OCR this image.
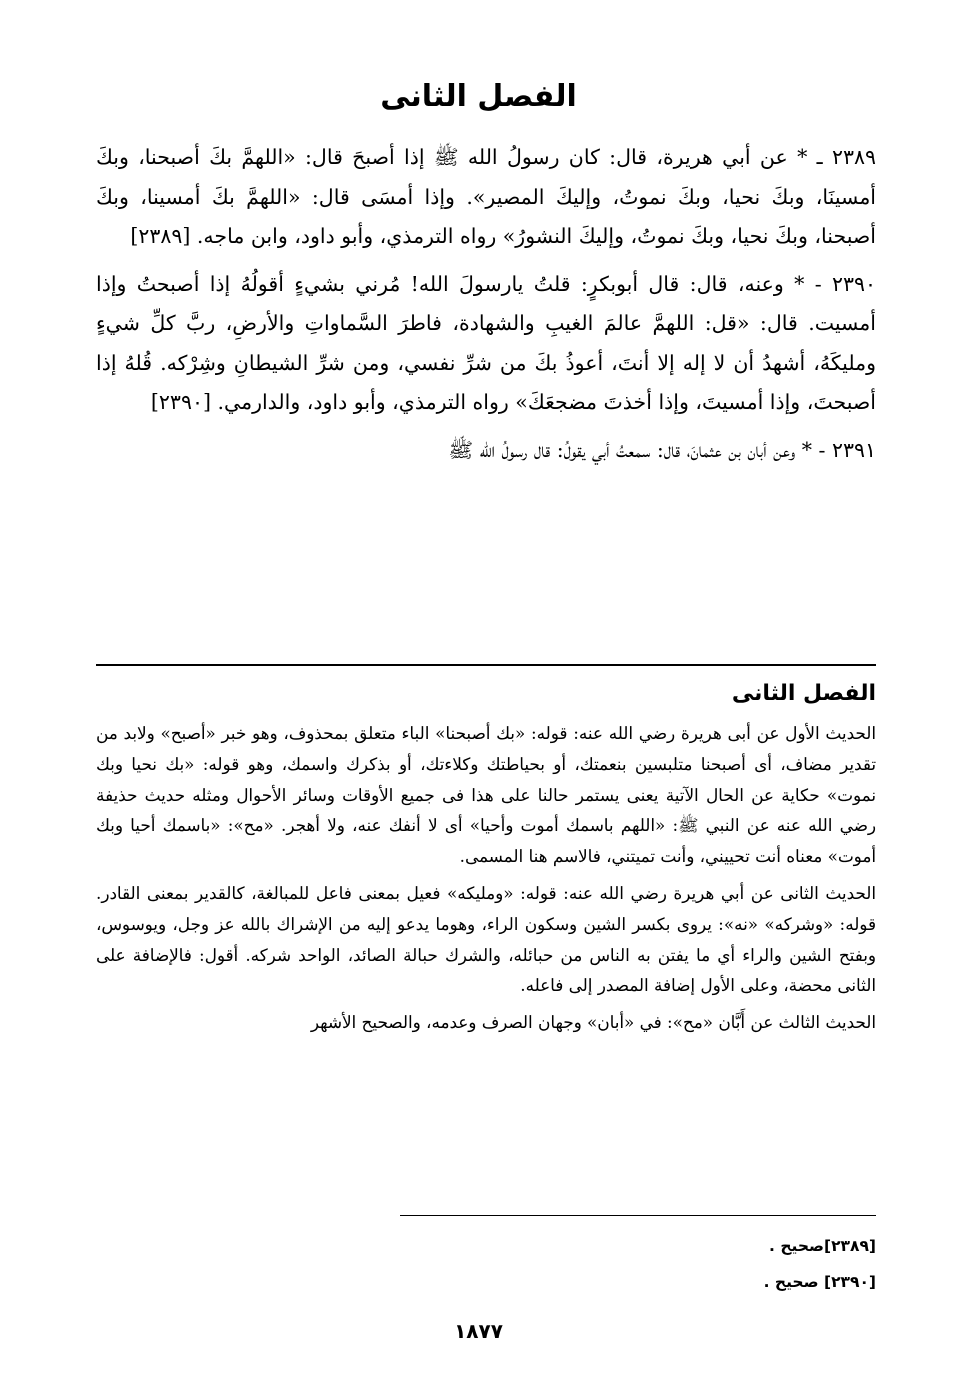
الفصل الثانى

٢٣٨٩ ـ * عن أبي هريرة، قال: كان رسولُ الله ﷺ إذا أصبحَ قال: «اللهمَّ بكَ أصبحنا، وبكَ أمسينَا، وبكَ نحيا، وبكَ نموتُ، وإليكَ المصير». وإذا أمسَى قال: «اللهمَّ بكَ أمسينا، وبكَ أصبحنا، وبكَ نحيا، وبكَ نموتُ، وإليكَ النشورُ» رواه الترمذي، وأبو داود، وابن ماجه. [٢٣٨٩]

٢٣٩٠ - * وعنه، قال: قال أبوبكرٍ: قلتُ يارسولَ الله! مُرني بشيءٍ أقولُهُ إذا أصبحتُ وإذا أمسيت. قال: «قل: اللهمَّ عالمَ الغيبِ والشهادة، فاطرَ السَّماواتِ والأرضِ، ربَّ كلِّ شيءٍ ومليكَهُ، أشهدُ أن لا إله إلا أنتَ، أعوذُ بكَ من شرِّ نفسي، ومن شرِّ الشيطانِ وشِرْكه. قُلهُ إذا أصبحتَ، وإذا أمسيتَ، وإذا أخذتَ مضجعَكَ» رواه الترمذي، وأبو داود، والدارمي. [٢٣٩٠]

٢٣٩١ - * وعن أبان بن عثمانَ، قال: سمعتُ أبي يقولُ: قال رسولُ الله ﷺ

الفصل الثانى

الحديث الأول عن أبى هريرة رضي الله عنه: قوله: «بك أصبحنا» الباء متعلق بمحذوف، وهو خبر «أصبح» ولابد من تقدير مضاف، أى أصبحنا متلبسين بنعمتك، أو بحياطتك وكلاءتك، أو بذكرك واسمك، وهو قوله: «بك نحيا وبك نموت» حكاية عن الحال الآتية يعنى يستمر حالنا على هذا فى جميع الأوقات وسائر الأحوال ومثله حديث حذيفة رضي الله عنه عن النبي ﷺ: «اللهم باسمك أموت وأحيا» أى لا أنفك عنه، ولا أهجر. «مح»: «باسمك أحيا وبك أموت» معناه أنت تحييني، وأنت تميتني، فالاسم هنا المسمى.

الحديث الثانى عن أبي هريرة رضي الله عنه: قوله: «ومليكه» فعيل بمعنى فاعل للمبالغة، كالقدير بمعنى القادر. قوله: «وشركه» «نه»: يروى بكسر الشين وسكون الراء، وهوما يدعو إليه من الإشراك بالله عز وجل، ويوسوس، وبفتح الشين والراء أي ما يفتن به الناس من حبائله، والشرك حبالة الصائد، الواحد شركه. أقول: فالإضافة على الثانى محضة، وعلى الأول إضافة المصدر إلى فاعله.

الحديث الثالث عن أَبَّان «مح»: في «أبان» وجهان الصرف وعدمه، والصحيح الأشهر

[٢٣٨٩]صحيح .
[٢٣٩٠] صحيح .
١٨٧٧
